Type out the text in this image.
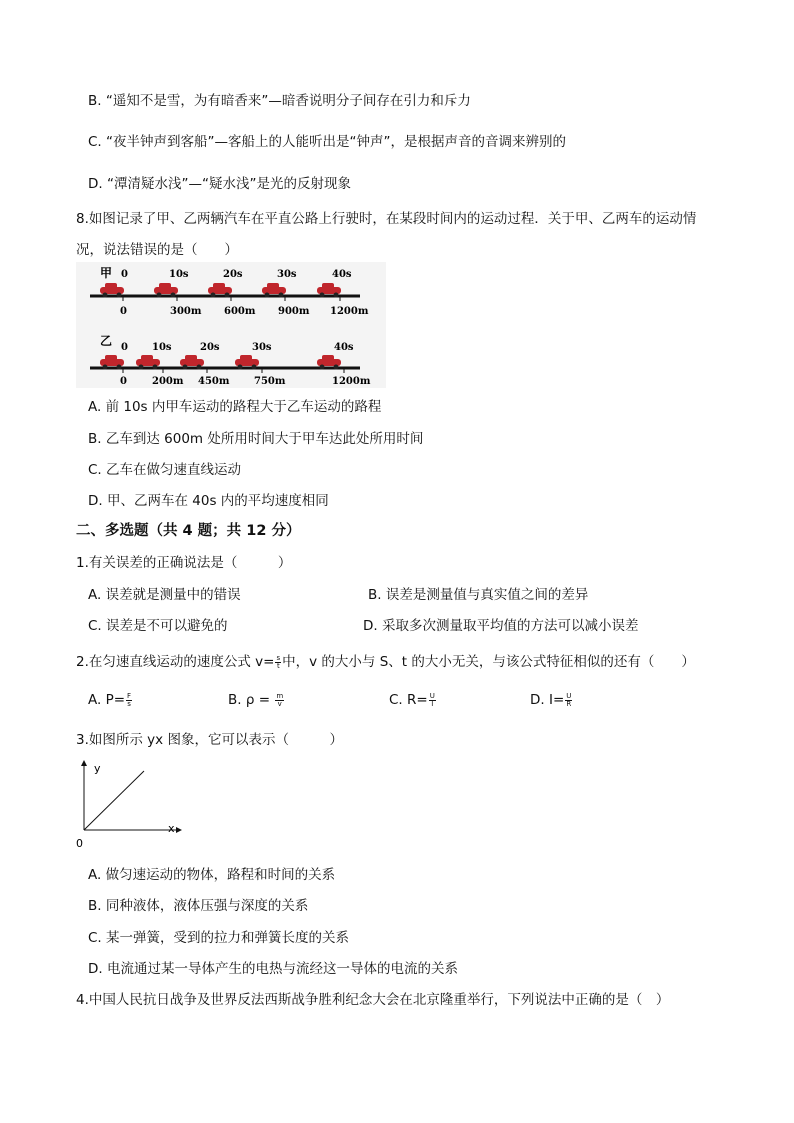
B. “遥知不是雪，为有暗香来”—暗香说明分子间存在引力和斥力
C. “夜半钟声到客船”—客船上的人能听出是“钟声”，是根据声音的音调来辨别的
D. “潭清疑水浅”—“疑水浅”是光的反射现象
8.如图记录了甲、乙两辆汽车在平直公路上行驶时，在某段时间内的运动过程．关于甲、乙两车的运动情
况，说法错误的是（　　）
甲 0	10s	20s	30s	40s
0	300m 600m 900m 1200m
乙 0 10s	20s	30s	40s
0	200m 450m 750m	1200m
A. 前 10s 内甲车运动的路程大于乙车运动的路程
B. 乙车到达 600m 处所用时间大于甲车达此处所用时间
C. 乙车在做匀速直线运动
D. 甲、乙两车在 40s 内的平均速度相同
二、多选题（共 4 题；共 12 分）
1.有关误差的正确说法是（　　　）
A. 误差就是测量中的错误	B. 误差是测量值与真实值之间的差异
C. 误差是不可以避免的	D. 采取多次测量取平均值的方法可以减小误差
2.在匀速直线运动的速度公式 $v= \frac{s}{t}$ 中，v 的大小与 S、t 的大小无关，与该公式特征相似的还有（　　）
A. $P= \frac{F}{s}$	B. $\rho = \frac{m}{v}$	C. $R= \frac{U}{I}$	D. $I= \frac{U}{R}$
3.如图所示 yx 图象，它可以表示（　　　）
y
x
0
A. 做匀速运动的物体，路程和时间的关系
B. 同种液体，液体压强与深度的关系
C. 某一弹簧，受到的拉力和弹簧长度的关系
D. 电流通过某一导体产生的电热与流经这一导体的电流的关系
4.中国人民抗日战争及世界反法西斯战争胜利纪念大会在北京隆重举行，下列说法中正确的是（　）
